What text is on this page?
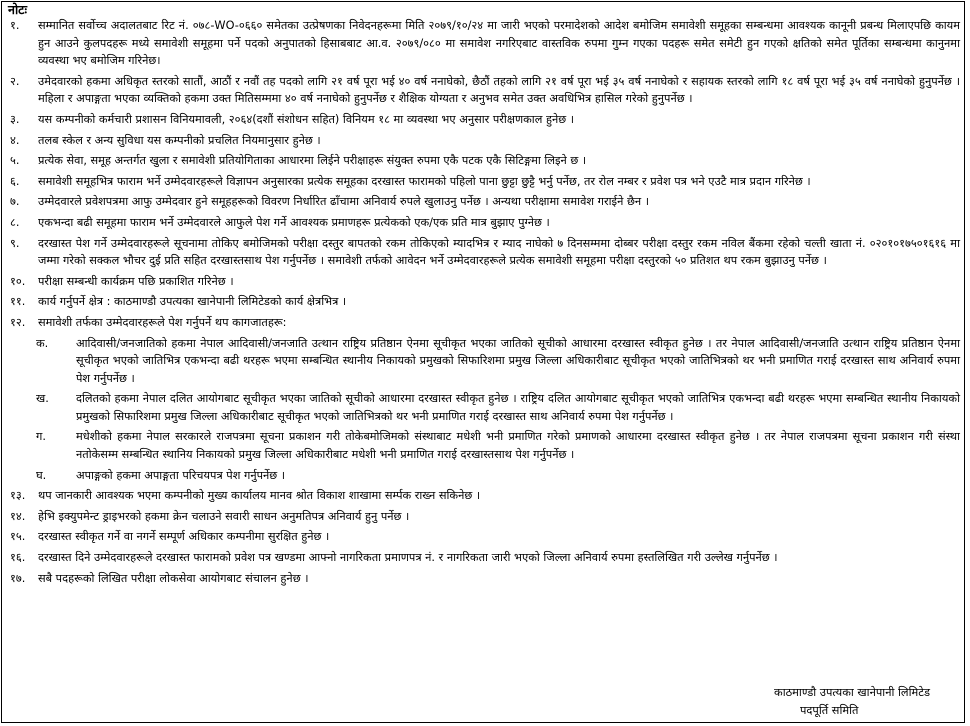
नोटः
१.	सम्मानित सर्वोच्च अदालतबाट रिट नं. ०७८-WO-०६६० समेतका उत्प्रेषणका निवेदनहरूमा मिति २०७९/१०/२४ मा जारी भएको परमादेशको आदेश बमोजिम समावेशी समूहका सम्बन्धमा आवश्यक कानूनी प्रबन्ध मिलाएपछि कायम हुन आउने कुलपदहरू मध्ये समावेशी समूहमा पर्ने पदको अनुपातको हिसाबबाट आ.व. २०७९/०८० मा समावेश नगरिएबाट वास्तविक रुपमा गुम्न गएका पदहरू समेत समेटी हुन गएको क्षतिको समेत पूर्तिका सम्बन्धमा कानुनमा व्यवस्था भए बमोजिम गरिनेछ।
२.	उमेदवारको हकमा अधिकृत स्तरको सातौं, आठौं र नवौं तह पदको लागि २१ वर्ष पूरा भई ४० वर्ष ननाघेको, छैठौं तहको लागि २१ वर्ष पूरा भई ३५ वर्ष ननाघेको र सहायक स्तरको लागि १८ वर्ष पूरा भई ३५ वर्ष ननाघेको हुनुपर्नेछ । महिला र अपाङ्गता भएका व्यक्तिको हकमा उक्त मितिसम्ममा ४० वर्ष ननाघेको हुनुपर्नेछ र शैक्षिक योग्यता र अनुभव समेत उक्त अवधिभित्र हासिल गरेको हुनुपर्नेछ ।
३.	यस कम्पनीको कर्मचारी प्रशासन विनियमावली, २०६४(दशौं संशोधन सहित) विनियम १८ मा व्यवस्था भए अनुसार परीक्षणकाल हुनेछ ।
४.	तलब स्केल र अन्य सुविधा यस कम्पनीको प्रचलित नियमानुसार हुनेछ ।
५.	प्रत्येक सेवा, समूह अन्तर्गत खुला र समावेशी प्रतियोगिताका आधारमा लिईने परीक्षाहरू संयुक्त रुपमा एकै पटक एकै सिटिङ्गमा लिइने छ ।
६.	समावेशी समूहभित्र फाराम भर्ने उम्मेदवारहरूले विज्ञापन अनुसारका प्रत्येक समूहका दरखास्त फारामको पहिलो पाना छुट्टा छुट्टै भर्नु पर्नेछ, तर रोल नम्बर र प्रवेश पत्र भने एउटै मात्र प्रदान गरिनेछ ।
७.	उम्मेदवारले प्रवेशपत्रमा आफु उम्मेदवार हुने समूहहरूको विवरण निर्धारित ढाँचामा अनिवार्य रुपले खुलाउनु पर्नेछ । अन्यथा परीक्षामा समावेश गराईने छैन ।
८.	एकभन्दा बढी समूहमा फाराम भर्ने उम्मेदवारले आफुले पेश गर्ने आवश्यक प्रमाणहरू प्रत्येकको एक/एक प्रति मात्र बुझाए पुग्नेछ ।
९.	दरखास्त पेश गर्ने उम्मेदवारहरूले सूचनामा तोकिए बमोजिमको परीक्षा दस्तुर बापतको रकम तोकिएको म्यादभित्र र म्याद नाघेको ७ दिनसम्ममा दोब्बर परीक्षा दस्तुर रकम नविल बैंकमा रहेको चल्ती खाता नं. ०२०१०१७५०१६१६ मा जम्मा गरेको सक्कल भौचर दुई प्रति सहित दरखास्तसाथ पेश गर्नुपर्नेछ । समावेशी तर्फको आवेदन भर्ने उम्मेदवारहरूले प्रत्येक समावेशी समूहमा परीक्षा दस्तुरको ५० प्रतिशत थप रकम बुझाउनु पर्नेछ ।
१०.	परीक्षा सम्बन्धी कार्यक्रम पछि प्रकाशित गरिनेछ ।
११.	कार्य गर्नुपर्ने क्षेत्र : काठमाण्डौ उपत्यका खानेपानी लिमिटेडको कार्य क्षेत्रभित्र ।
१२.	समावेशी तर्फका उम्मेदवारहरूले पेश गर्नुपर्ने थप कागजातहरू:
क.	आदिवासी/जनजातिको हकमा नेपाल आदिवासी/जनजाति उत्थान राष्ट्रिय प्रतिष्ठान ऐनमा सूचीकृत भएका जातिको सूचीको आधारमा दरखास्त स्वीकृत हुनेछ । तर नेपाल आदिवासी/जनजाति उत्थान राष्ट्रिय प्रतिष्ठान ऐनमा सूचीकृत भएको जातिभित्र एकभन्दा बढी थरहरू भएमा सम्बन्धित स्थानीय निकायको प्रमुखको सिफारिशमा प्रमुख जिल्ला अधिकारीबाट सूचीकृत भएको जातिभित्रको थर भनी प्रमाणित गराई दरखास्त साथ अनिवार्य रुपमा पेश गर्नुपर्नेछ ।
ख.	दलितको हकमा नेपाल दलित आयोगबाट सूचीकृत भएका जातिको सूचीको आधारमा दरखास्त स्वीकृत हुनेछ । राष्ट्रिय दलित आयोगबाट सूचीकृत भएको जातिभित्र एकभन्दा बढी थरहरू भएमा सम्बन्धित स्थानीय निकायको प्रमुखको सिफारिशमा प्रमुख जिल्ला अधिकारीबाट सूचीकृत भएको जातिभित्रको थर भनी प्रमाणित गराई दरखास्त साथ अनिवार्य रुपमा पेश गर्नुपर्नेछ ।
ग.	मधेशीको हकमा नेपाल सरकारले राजपत्रमा सूचना प्रकाशन गरी तोकेबमोजिमको संस्थाबाट मधेशी भनी प्रमाणित गरेको प्रमाणको आधारमा दरखास्त स्वीकृत हुनेछ । तर नेपाल राजपत्रमा सूचना प्रकाशन गरी संस्था नतोकेसम्म सम्बन्धित स्थानिय निकायको प्रमुख जिल्ला अधिकारीबाट मधेशी भनी प्रमाणित गराई दरखास्तसाथ पेश गर्नुपर्नेछ ।
घ.	अपाङ्गको हकमा अपाङ्गता परिचयपत्र पेश गर्नुपर्नेछ ।
१३.	थप जानकारी आवश्यक भएमा कम्पनीको मुख्य कार्यालय मानव श्रोत विकाश शाखामा सर्म्पक राख्न सकिनेछ ।
१४.	हेभि इक्युपमेन्ट ड्राइभरको हकमा क्रेन चलाउने सवारी साधन अनुमतिपत्र अनिवार्य हुनु पर्नेछ ।
१५.	दरखास्त स्वीकृत गर्ने वा नगर्ने सम्पूर्ण अधिकार कम्पनीमा सुरक्षित हुनेछ ।
१६.	दरखास्त दिने उम्मेदवारहरूले दरखास्त फारामको प्रवेश पत्र खण्डमा आफ्नो नागरिकता प्रमाणपत्र नं. र नागरिकता जारी भएको जिल्ला अनिवार्य रुपमा हस्तलिखित गरी उल्लेख गर्नुपर्नेछ ।
१७.	सबै पदहरूको लिखित परीक्षा लोकसेवा आयोगबाट संचालन हुनेछ ।
काठमाण्डौ उपत्यका खानेपानी लिमिटेड
पदपूर्ति समिति
